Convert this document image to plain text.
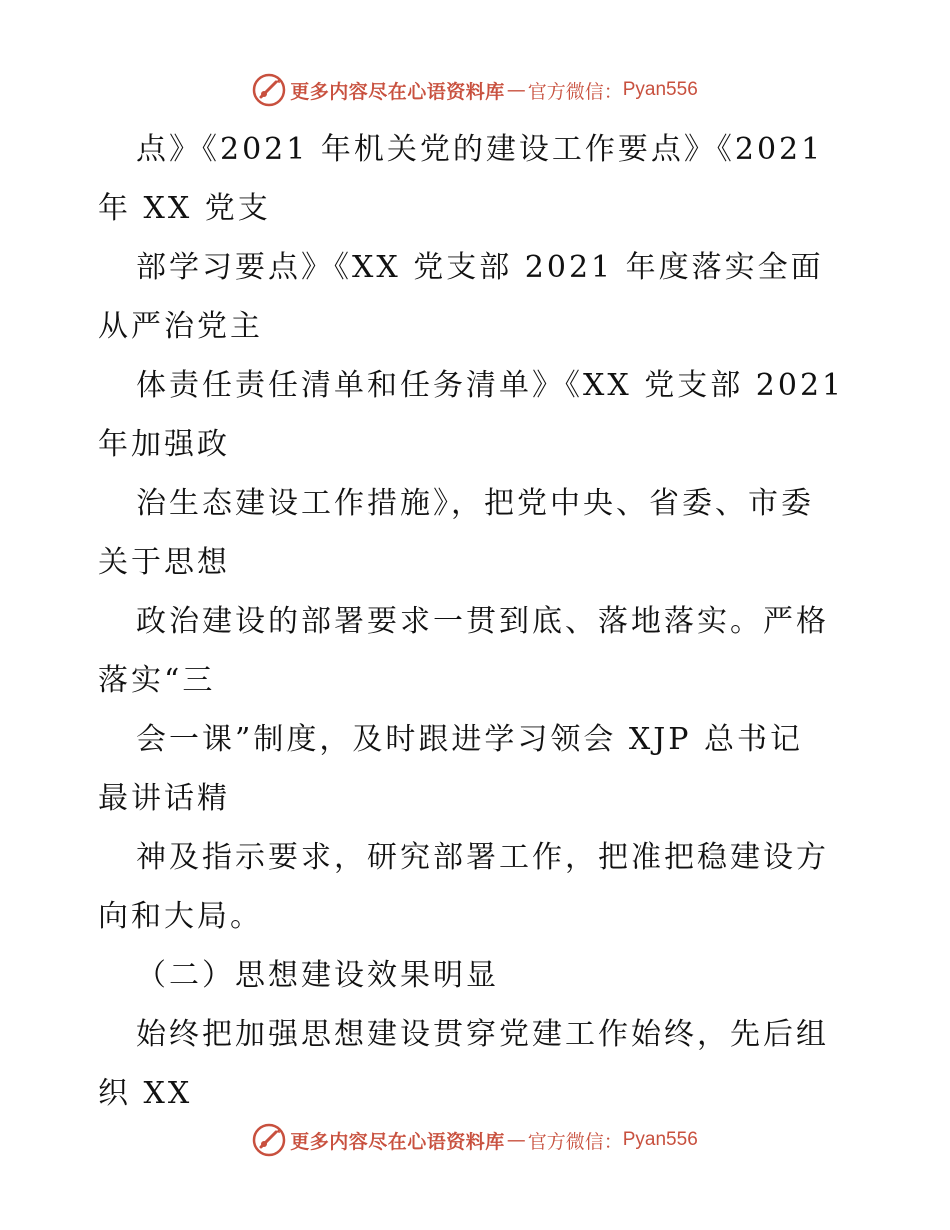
更多内容尽在心语资料库 — 官方微信： Pyan556
点》《2021 年机关党的建设工作要点》《2021
年 XX 党支
部学习要点》《XX 党支部 2021 年度落实全面
从严治党主
体责任责任清单和任务清单》《XX 党支部 2021
年加强政
治生态建设工作措施》，把党中央、省委、市委
关于思想
政治建设的部署要求一贯到底、落地落实。严格
落实“三
会一课”制度，及时跟进学习领会 XJP 总书记
最讲话精
神及指示要求，研究部署工作，把准把稳建设方
向和大局。
（二）思想建设效果明显
始终把加强思想建设贯穿党建工作始终，先后组
织 XX
更多内容尽在心语资料库 — 官方微信： Pyan556
